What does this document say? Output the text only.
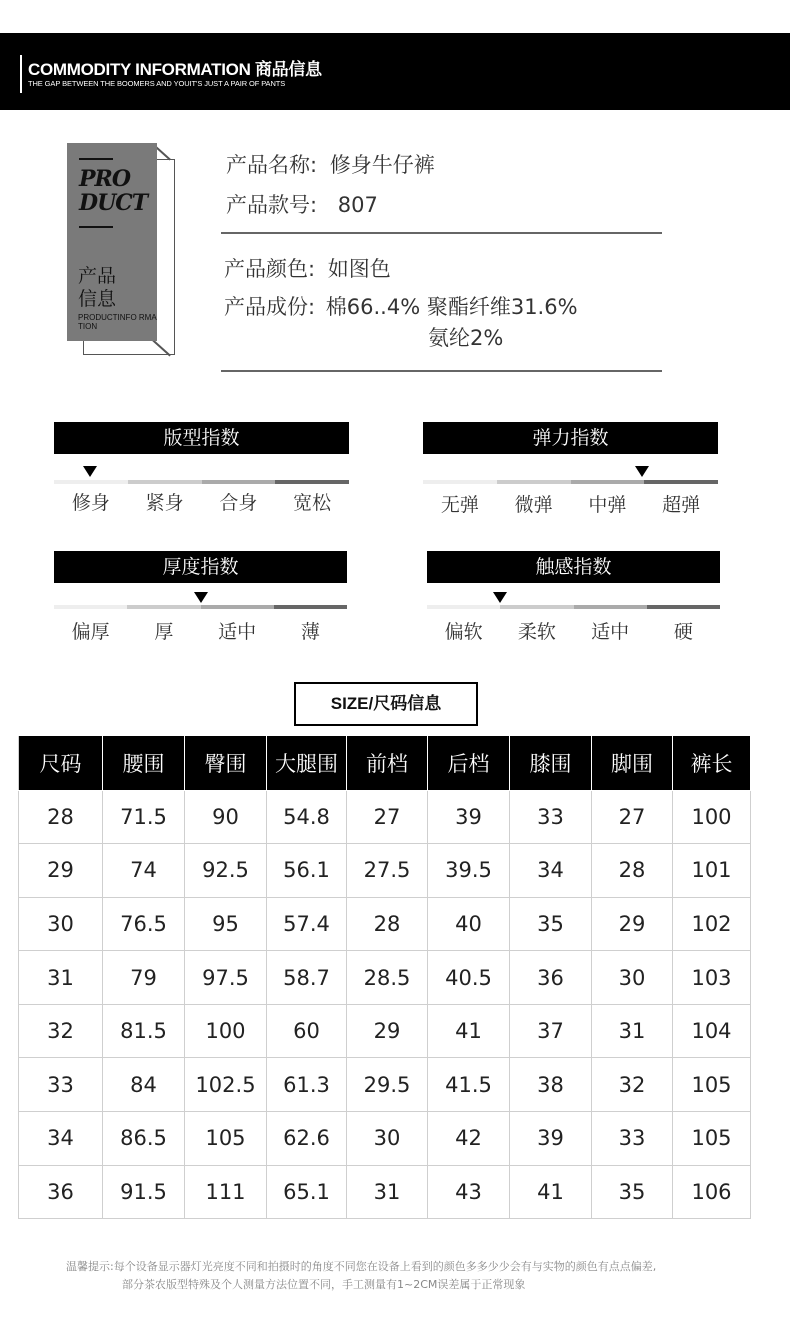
COMMODITY INFORMATION 商品信息
THE GAP BETWEEN THE BOOMERS AND YOUIT'S JUST A PAIR OF PANTS
PRO
DUCT
产品
信息
PRODUCTINFO RMATION
产品名称: 修身牛仔裤
产品款号: 807
产品颜色: 如图色
产品成份: 棉66..4% 聚酯纤维31.6%
氨纶2%
版型指数
修身	紧身	合身	宽松
弹力指数
无弹	微弹	中弹	超弹
厚度指数
偏厚	厚	适中	薄
触感指数
偏软	柔软	适中	硬
SIZE/尺码信息
尺码	腰围	臀围	大腿围	前档	后档	膝围	脚围	裤长
28	71.5	90	54.8	27	39	33	27	100
29	74	92.5	56.1	27.5	39.5	34	28	101
30	76.5	95	57.4	28	40	35	29	102
31	79	97.5	58.7	28.5	40.5	36	30	103
32	81.5	100	60	29	41	37	31	104
33	84	102.5	61.3	29.5	41.5	38	32	105
34	86.5	105	62.6	30	42	39	33	105
36	91.5	111	65.1	31	43	41	35	106
温馨提示:每个设备显示器灯光亮度不同和拍摄时的角度不同您在设备上看到的颜色多多少少会有与实物的颜色有点点偏差,
部分茶农版型特殊及个人测量方法位置不同，手工测量有1~2CM误差属于正常现象
